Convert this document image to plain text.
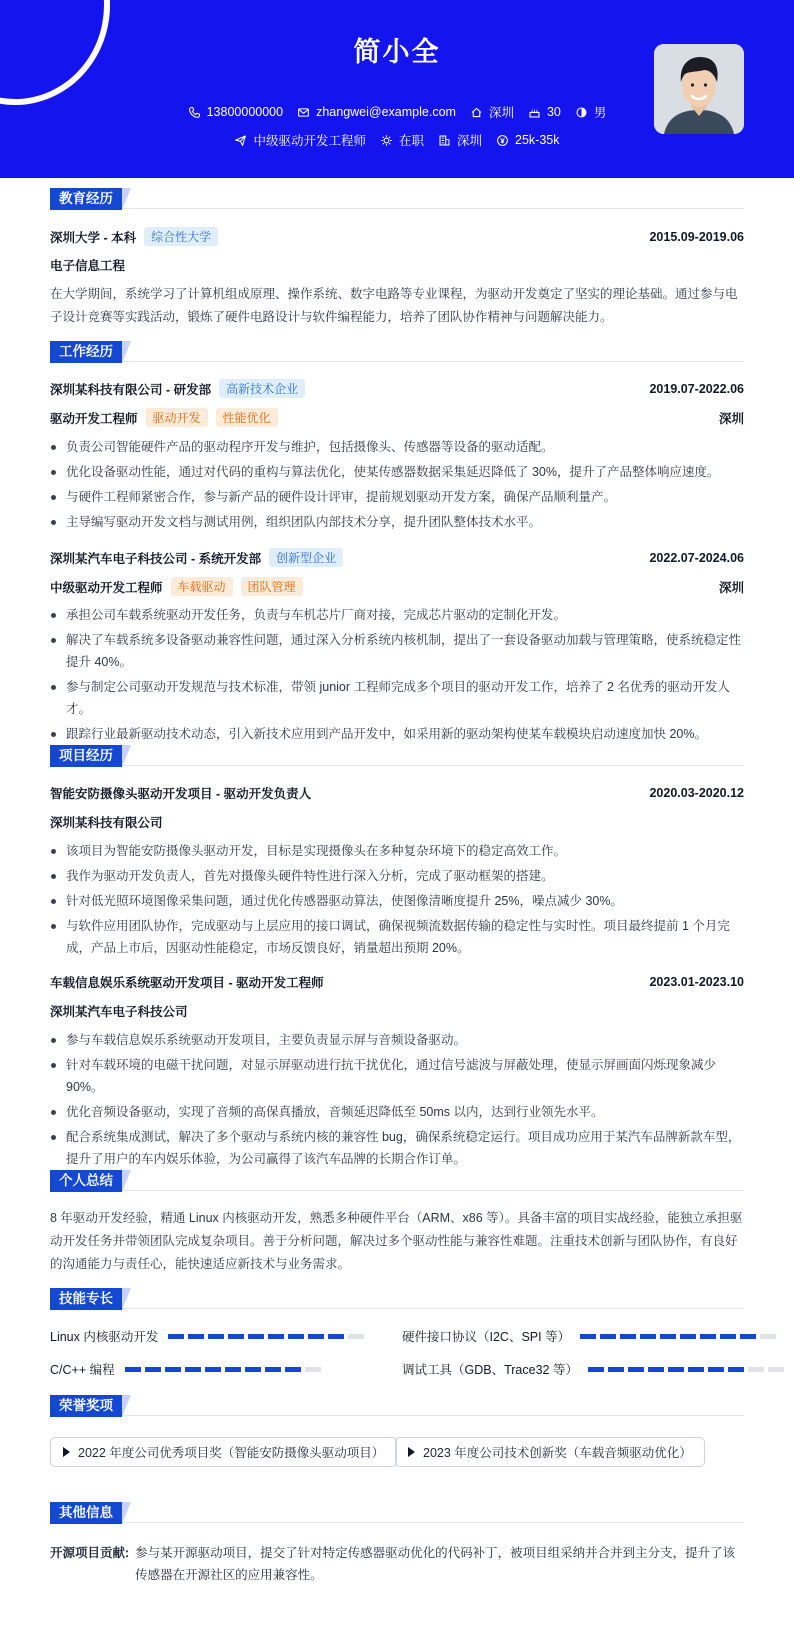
简小全
13800000000	zhangwei@example.com	深圳	30	男
中级驱动开发工程师	在职	深圳	25k-35k
教育经历
深圳大学 - 本科	综合性大学	2015.09-2019.06
电子信息工程
在大学期间，系统学习了计算机组成原理、操作系统、数字电路等专业课程，为驱动开发奠定了坚实的理论基础。通过参与电子设计竞赛等实践活动，锻炼了硬件电路设计与软件编程能力，培养了团队协作精神与问题解决能力。
工作经历
深圳某科技有限公司 - 研发部	高新技术企业	2019.07-2022.06
驱动开发工程师	驱动开发	性能优化	深圳
负责公司智能硬件产品的驱动程序开发与维护，包括摄像头、传感器等设备的驱动适配。
优化设备驱动性能，通过对代码的重构与算法优化，使某传感器数据采集延迟降低了 30%，提升了产品整体响应速度。
与硬件工程师紧密合作，参与新产品的硬件设计评审，提前规划驱动开发方案，确保产品顺利量产。
主导编写驱动开发文档与测试用例，组织团队内部技术分享，提升团队整体技术水平。
深圳某汽车电子科技公司 - 系统开发部	创新型企业	2022.07-2024.06
中级驱动开发工程师	车载驱动	团队管理	深圳
承担公司车载系统驱动开发任务，负责与车机芯片厂商对接，完成芯片驱动的定制化开发。
解决了车载系统多设备驱动兼容性问题，通过深入分析系统内核机制，提出了一套设备驱动加载与管理策略，使系统稳定性提升 40%。
参与制定公司驱动开发规范与技术标准，带领 junior 工程师完成多个项目的驱动开发工作，培养了 2 名优秀的驱动开发人才。
跟踪行业最新驱动技术动态，引入新技术应用到产品开发中，如采用新的驱动架构使某车载模块启动速度加快 20%。
项目经历
智能安防摄像头驱动开发项目 - 驱动开发负责人	2020.03-2020.12
深圳某科技有限公司
该项目为智能安防摄像头驱动开发，目标是实现摄像头在多种复杂环境下的稳定高效工作。
我作为驱动开发负责人，首先对摄像头硬件特性进行深入分析，完成了驱动框架的搭建。
针对低光照环境图像采集问题，通过优化传感器驱动算法，使图像清晰度提升 25%，噪点减少 30%。
与软件应用团队协作，完成驱动与上层应用的接口调试，确保视频流数据传输的稳定性与实时性。项目最终提前 1 个月完成，产品上市后，因驱动性能稳定，市场反馈良好，销量超出预期 20%。
车载信息娱乐系统驱动开发项目 - 驱动开发工程师	2023.01-2023.10
深圳某汽车电子科技公司
参与车载信息娱乐系统驱动开发项目，主要负责显示屏与音频设备驱动。
针对车载环境的电磁干扰问题，对显示屏驱动进行抗干扰优化，通过信号滤波与屏蔽处理，使显示屏画面闪烁现象减少 90%。
优化音频设备驱动，实现了音频的高保真播放，音频延迟降低至 50ms 以内，达到行业领先水平。
配合系统集成测试，解决了多个驱动与系统内核的兼容性 bug，确保系统稳定运行。项目成功应用于某汽车品牌新款车型，提升了用户的车内娱乐体验，为公司赢得了该汽车品牌的长期合作订单。
个人总结
8 年驱动开发经验，精通 Linux 内核驱动开发，熟悉多种硬件平台（ARM、x86 等）。具备丰富的项目实战经验，能独立承担驱动开发任务并带领团队完成复杂项目。善于分析问题，解决过多个驱动性能与兼容性难题。注重技术创新与团队协作，有良好的沟通能力与责任心，能快速适应新技术与业务需求。
技能专长
Linux 内核驱动开发	硬件接口协议（I2C、SPI 等）
C/C++ 编程	调试工具（GDB、Trace32 等）
荣誉奖项
2022 年度公司优秀项目奖（智能安防摄像头驱动项目）	2023 年度公司技术创新奖（车载音频驱动优化）
其他信息
开源项目贡献: 参与某开源驱动项目，提交了针对特定传感器驱动优化的代码补丁，被项目组采纳并合并到主分支，提升了该传感器在开源社区的应用兼容性。
